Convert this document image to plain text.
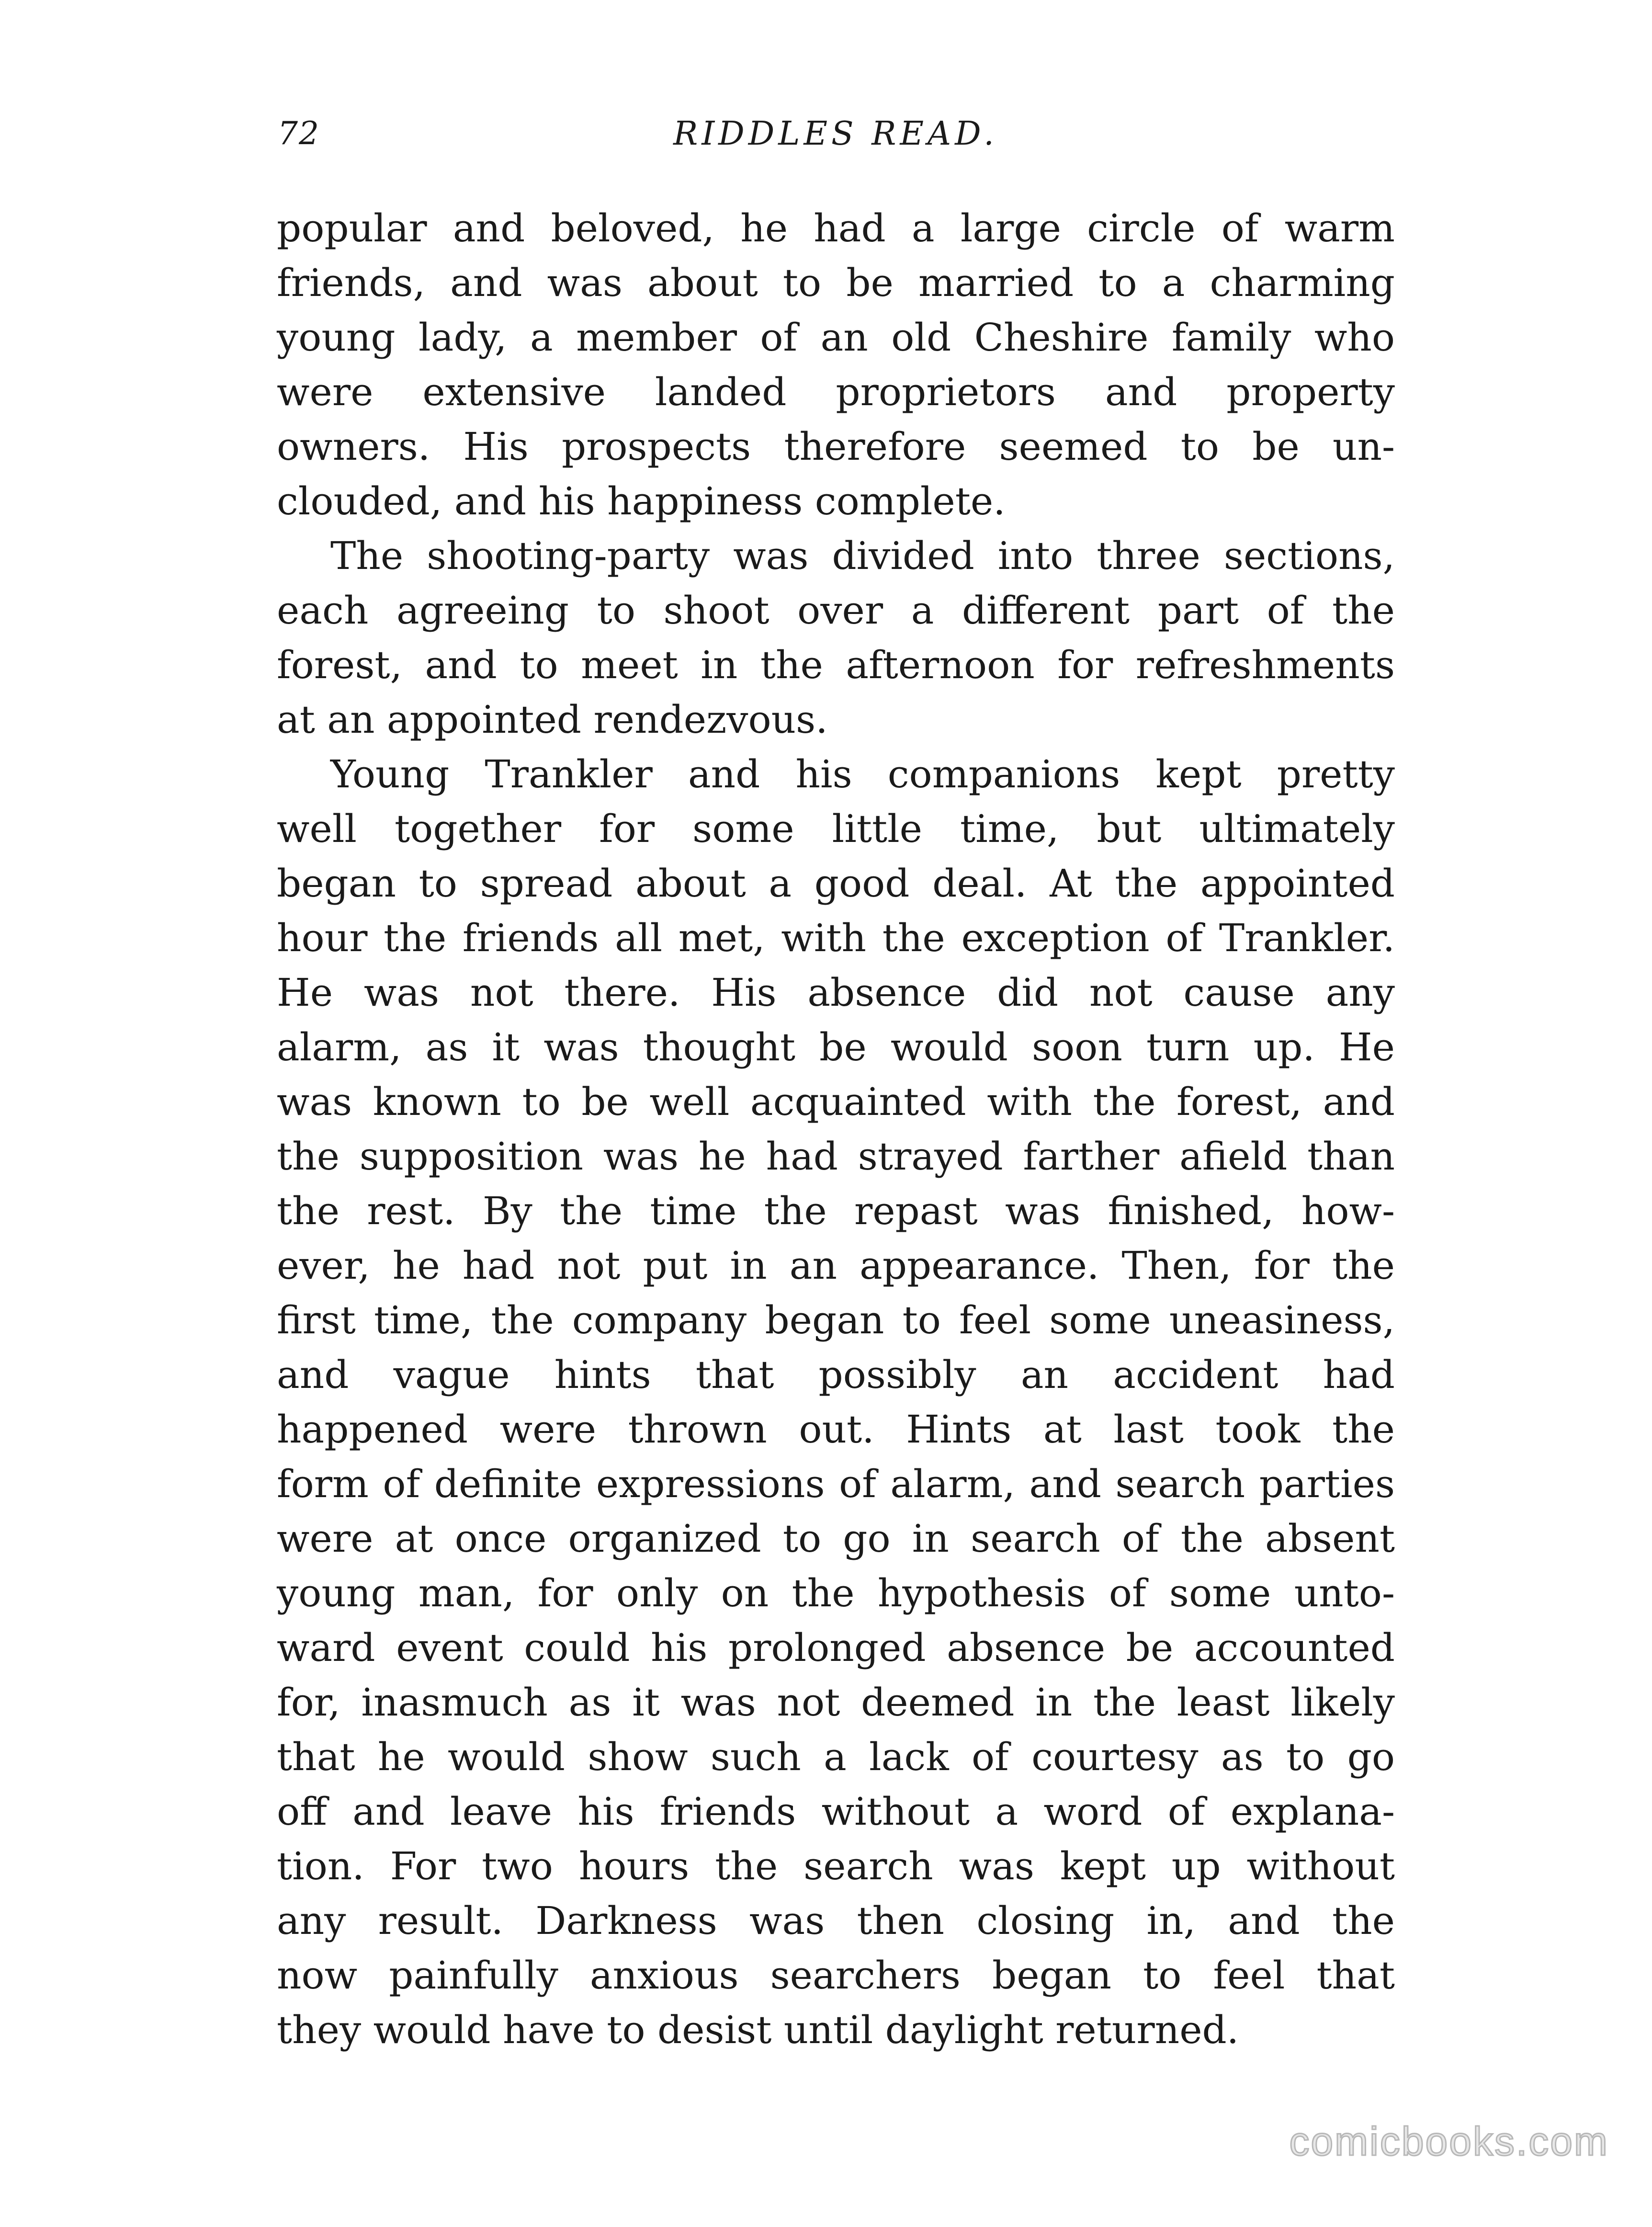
72	RIDDLES READ.
popular and beloved, he had a large circle of warm
friends, and was about to be married to a charming
young lady, a member of an old Cheshire family who
were extensive landed proprietors and property
owners. His prospects therefore seemed to be un-
clouded, and his happiness complete.
The shooting-party was divided into three sections,
each agreeing to shoot over a different part of the
forest, and to meet in the afternoon for refreshments
at an appointed rendezvous.
Young Trankler and his companions kept pretty
well together for some little time, but ultimately
began to spread about a good deal. At the appointed
hour the friends all met, with the exception of Trankler.
He was not there. His absence did not cause any
alarm, as it was thought be would soon turn up. He
was known to be well acquainted with the forest, and
the supposition was he had strayed farther afield than
the rest. By the time the repast was finished, how-
ever, he had not put in an appearance. Then, for the
first time, the company began to feel some uneasiness,
and vague hints that possibly an accident had
happened were thrown out. Hints at last took the
form of definite expressions of alarm, and search parties
were at once organized to go in search of the absent
young man, for only on the hypothesis of some unto-
ward event could his prolonged absence be accounted
for, inasmuch as it was not deemed in the least likely
that he would show such a lack of courtesy as to go
off and leave his friends without a word of explana-
tion. For two hours the search was kept up without
any result. Darkness was then closing in, and the
now painfully anxious searchers began to feel that
they would have to desist until daylight returned.
comicbooks.com
